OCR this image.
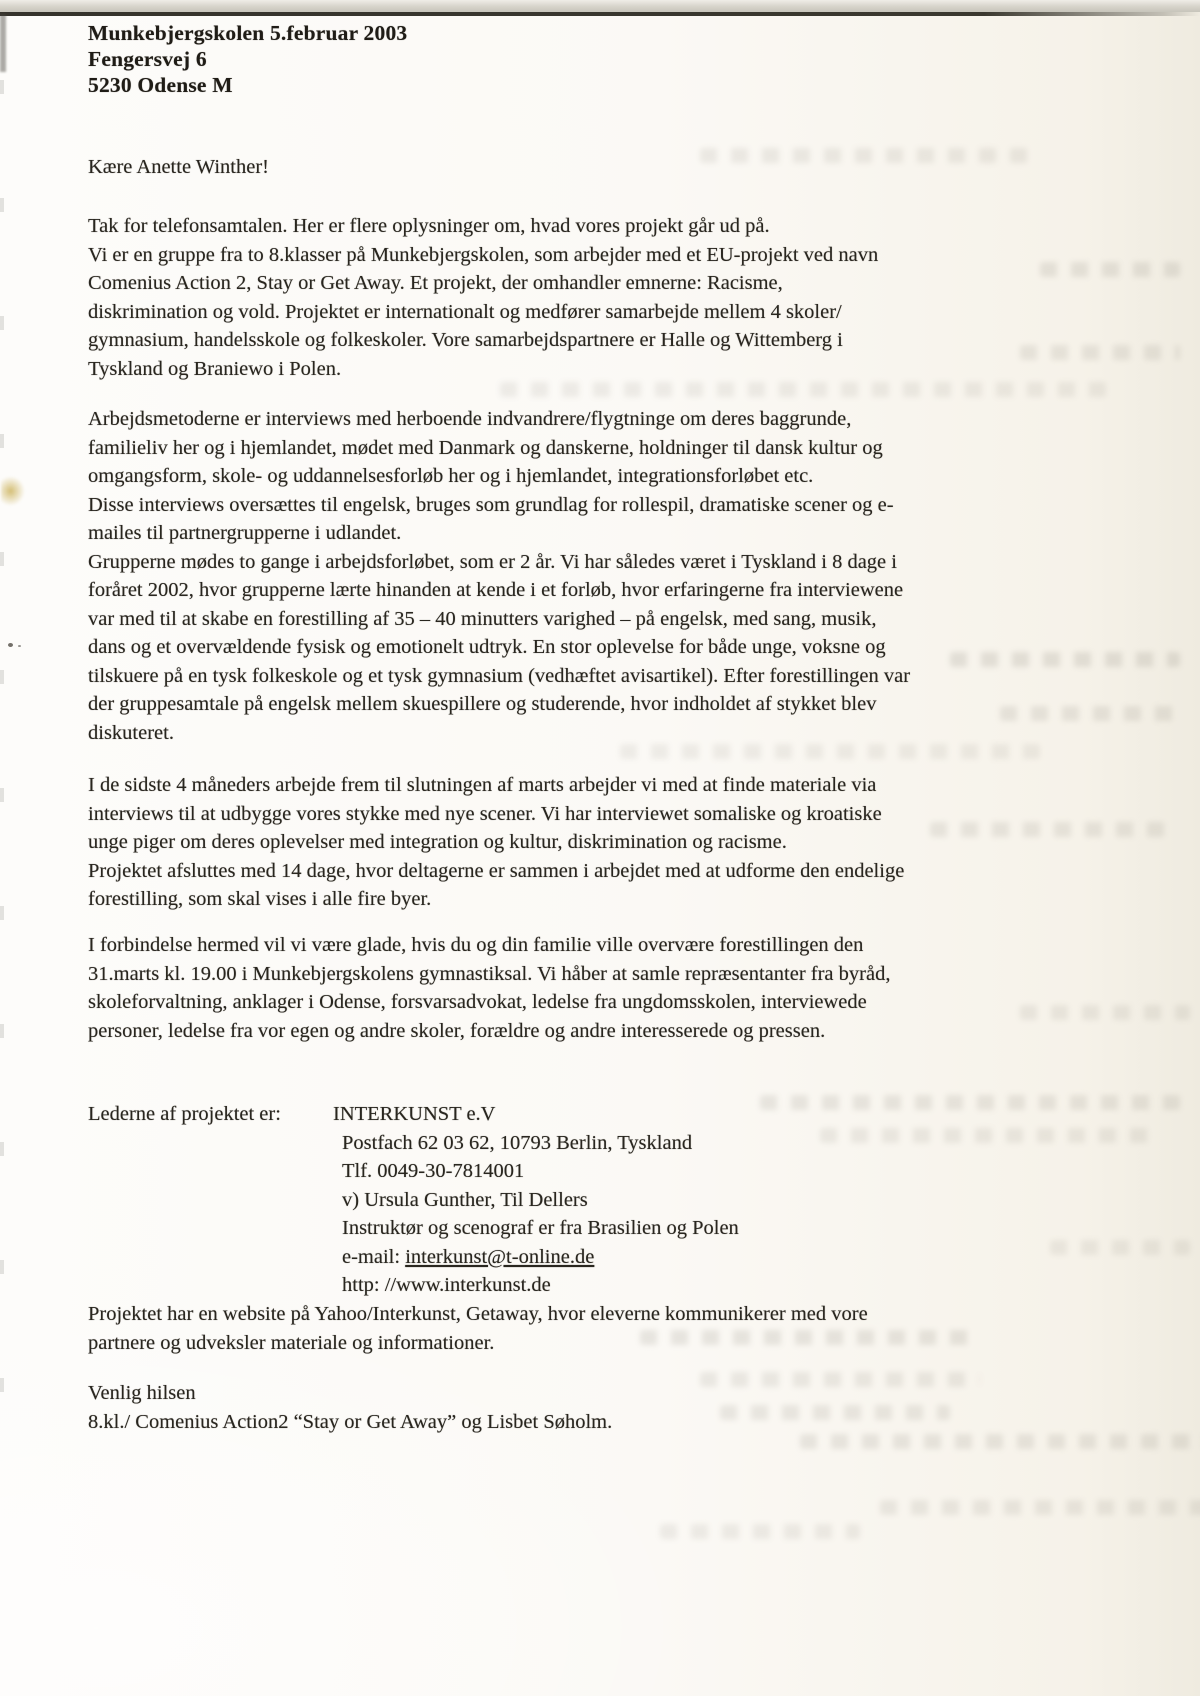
Munkebjergskolen 5.februar 2003
Fengersvej 6
5230 Odense M
Kære Anette Winther!
Tak for telefonsamtalen. Her er flere oplysninger om, hvad vores projekt går ud på.
Vi er en gruppe fra to 8.klasser på Munkebjergskolen, som arbejder med et EU-projekt ved navn
Comenius Action 2, Stay or Get Away. Et projekt, der omhandler emnerne: Racisme,
diskrimination og vold. Projektet er internationalt og medfører samarbejde mellem 4 skoler/
gymnasium, handelsskole og folkeskoler. Vore samarbejdspartnere er Halle og Wittemberg i
Tyskland og Braniewo i Polen.
Arbejdsmetoderne er interviews med herboende indvandrere/flygtninge om deres baggrunde,
familieliv her og i hjemlandet, mødet med Danmark og danskerne, holdninger til dansk kultur og
omgangsform, skole- og uddannelsesforløb her og i hjemlandet, integrationsforløbet etc.
Disse interviews oversættes til engelsk, bruges som grundlag for rollespil, dramatiske scener og e-
mailes til partnergrupperne i udlandet.
Grupperne mødes to gange i arbejdsforløbet, som er 2 år. Vi har således været i Tyskland i 8 dage i
foråret 2002, hvor grupperne lærte hinanden at kende i et forløb, hvor erfaringerne fra interviewene
var med til at skabe en forestilling af 35 – 40 minutters varighed – på engelsk, med sang, musik,
dans og et overvældende fysisk og emotionelt udtryk. En stor oplevelse for både unge, voksne og
tilskuere på en tysk folkeskole og et tysk gymnasium (vedhæftet avisartikel). Efter forestillingen var
der gruppesamtale på engelsk mellem skuespillere og studerende, hvor indholdet af stykket blev
diskuteret.
I de sidste 4 måneders arbejde frem til slutningen af marts arbejder vi med at finde materiale via
interviews til at udbygge vores stykke med nye scener. Vi har interviewet somaliske og kroatiske
unge piger om deres oplevelser med integration og kultur, diskrimination og racisme.
Projektet afsluttes med 14 dage, hvor deltagerne er sammen i arbejdet med at udforme den endelige
forestilling, som skal vises i alle fire byer.
I forbindelse hermed vil vi være glade, hvis du og din familie ville overvære forestillingen den
31.marts kl. 19.00 i Munkebjergskolens gymnastiksal. Vi håber at samle repræsentanter fra byråd,
skoleforvaltning, anklager i Odense, forsvarsadvokat, ledelse fra ungdomsskolen, interviewede
personer, ledelse fra vor egen og andre skoler, forældre og andre interesserede og pressen.
Lederne af projektet er:	INTERKUNST e.V
Postfach 62 03 62, 10793 Berlin, Tyskland
Tlf. 0049-30-7814001
v) Ursula Gunther, Til Dellers
Instruktør og scenograf er fra Brasilien og Polen
e-mail: interkunst@t-online.de
http: //www.interkunst.de
Projektet har en website på Yahoo/Interkunst, Getaway, hvor eleverne kommunikerer med vore
partnere og udveksler materiale og informationer.
Venlig hilsen
8.kl./ Comenius Action2 “Stay or Get Away” og Lisbet Søholm.
